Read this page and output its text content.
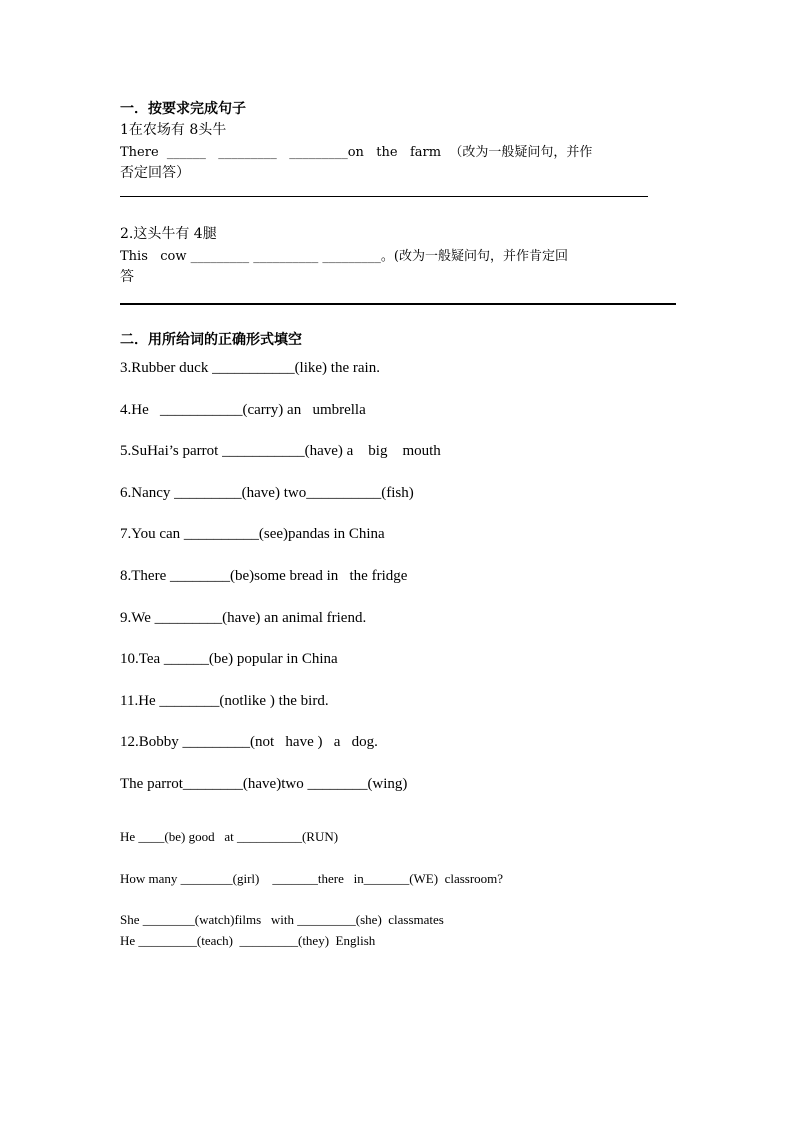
一．按要求完成句子
1在农场有 8头牛
There  ______   _________   _________on   the   farm  （改为一般疑问句，并作
否定回答）
2.这头牛有 4腿
This   cow _________ __________ _________。(改为一般疑问句，并作肯定回
答
二．用所给词的正确形式填空
3.Rubber duck ___________(like) the rain.
4.He   ___________(carry) an   umbrella
5.SuHai’s parrot ___________(have) a    big    mouth
6.Nancy _________(have) two__________(fish)
7.You can __________(see)pandas in China
8.There ________(be)some bread in   the fridge
9.We _________(have) an animal friend.
10.Tea ______(be) popular in China
11.He ________(notlike ) the bird.
12.Bobby _________(not   have )   a   dog.
The parrot________(have)two ________(wing)
He ____(be) good   at __________(RUN)
How many ________(girl)    _______there   in_______(WE)  classroom?
She ________(watch)films   with _________(she)  classmates
He _________(teach)  _________(they)  English
